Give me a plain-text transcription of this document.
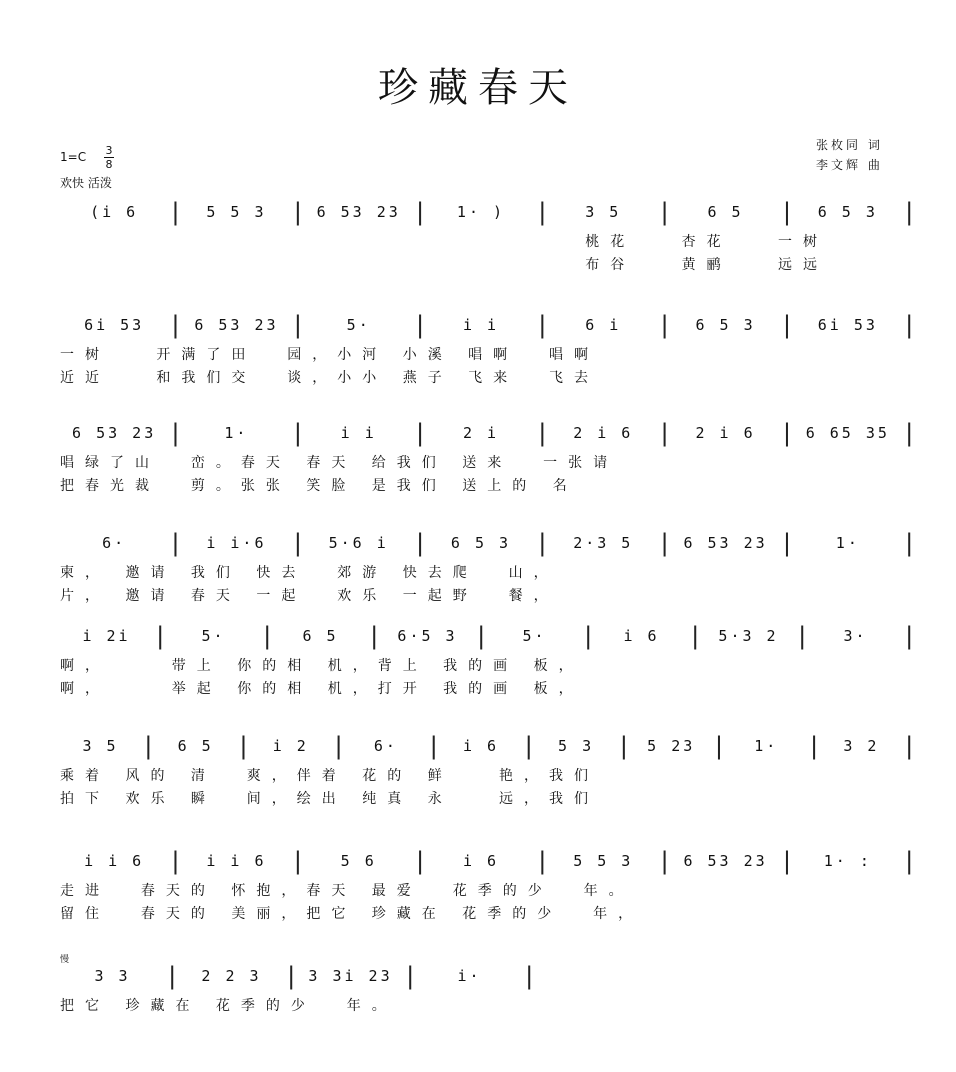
珍藏春天
张枚同 词
李文辉 曲
1=C 3
8
欢快 活泼
慢
(i 6	|	5 5 3	| 6 53 23 |	1· )	|	3 5	|	6 5	|	6 5 3	|
桃花   杏花   一树
布谷   黄鹂   远远
6i 53	| 6 53 23 |	5·	|	i i	|	6 i	|	6 5 3	|	6i 53	|
一树   开满了田  园，小河 小溪 唱啊  唱啊
近近   和我们交  谈，小小 燕子 飞来  飞去
6 53 23 |	1·	|	i i	|	2 i	|	2 i 6	|	2 i 6	| 6 65 35 |
唱绿了山  峦。春天 春天 给我们 送来  一张请
把春光裁  剪。张张 笑脸 是我们 送上的 名
6·	|	i i·6	|	5·6 i	|	6 5 3	|	2·3 5	| 6 53 23 |	1·	|
柬， 邀请 我们 快去  郊游 快去爬  山，
片， 邀请 春天 一起  欢乐 一起野  餐，
i 2i |	5·	|	6 5	|	6·5 3 |	5·	|	i 6	|	5·3 2 |	3·	|
啊，    带上 你的相 机，背上 我的画 板，
啊，    举起 你的相 机，打开 我的画 板，
3 5 |	6 5 |	i 2 |	6·	|	i 6 |	5 3 |	5 23 |	1·	|	3 2 |
乘着 风的 清  爽，伴着 花的 鲜   艳，我们
拍下 欢乐 瞬  间，绘出 纯真 永   远，我们
i i 6	|	i i 6	|	5 6	|	i 6	|	5 5 3	| 6 53 23 |	1· :	|
走进  春天的 怀抱，春天 最爱  花季的少  年。
留住  春天的 美丽，把它 珍藏在 花季的少  年，
3 3	|	2 2 3 | 3 3i 23 |	i·	|
把它 珍藏在 花季的少  年。
